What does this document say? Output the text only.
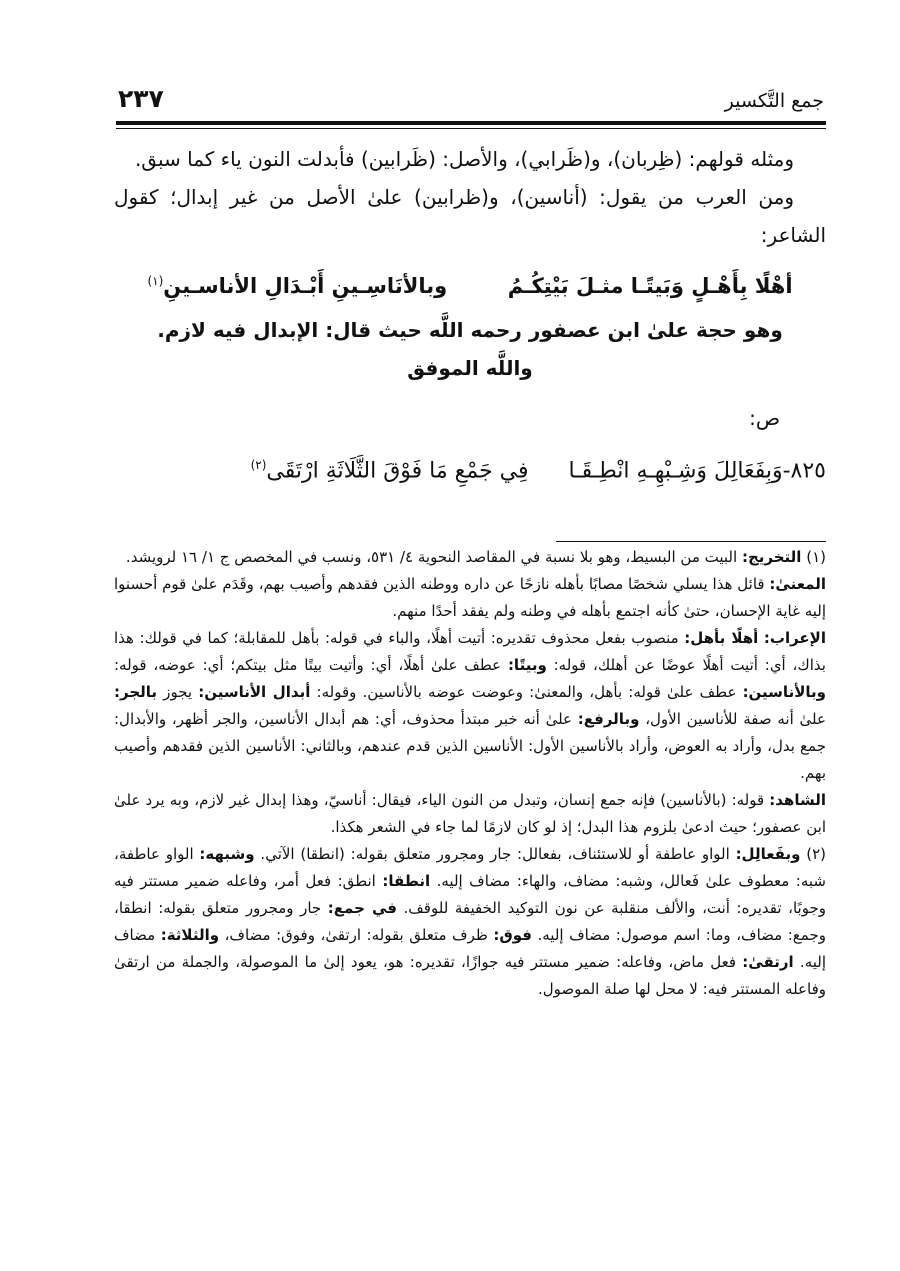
جمع التَّكسير
٢٣٧

ومثله قولهم: (ظِربان)، و(ظَرابي)، والأصل: (ظَرابين) فأبدلت النون ياء كما سبق.

ومن العرب من يقول: (أناسين)، و(ظرابين) علىٰ الأصل من غير إبدال؛ كقول الشاعر:

أهْلًا بِأَهْـلٍ وَبَيتًـا مثـلَ بَيْتِكُـمُ  وبالأنَاسِـينِ أَبْـدَالِ الأناسـينِ$^{(١)}$

وهو حجة علىٰ ابن عصفور رحمه اللَّه حيث قال: الإبدال فيه لازم.

واللَّه الموفق

ص:

٨٢٥-وَبِفَعَالِلَ وَشِـبْهِـهِ انْطِـقَـا  فِي جَمْعِ مَا فَوْقَ الثَّلَاثَةِ ارْتَقَى$^{(٢)}$

(١) التخريج: البيت من البسيط، وهو بلا نسبة في المقاصد النحوية ٤/ ٥٣١، ونسب في المخصص ج ١/ ١٦ لرويشد.

المعنىٰ: قائل هذا يسلي شخصًا مصابًا بأهله نازحًا عن داره ووطنه الذين فقدهم وأصيب بهم، وقَدَم علىٰ قوم أحسنوا إليه غاية الإحسان، حتىٰ كأنه اجتمع بأهله في وطنه ولم يفقد أحدًا منهم.

الإعراب: أهلًا بأهل: منصوب بفعل محذوف تقديره: أتيت أهلًا، والباء في قوله: بأهل للمقابلة؛ كما في قولك: هذا بذاك، أي: أتيت أهلًا عوضًا عن أهلك، قوله: وبيتًا: عطف علىٰ أهلًا، أي: وأتيت بيتًا مثل بيتكم؛ أي: عوضه، قوله: وبالأناسين: عطف علىٰ قوله: بأهل، والمعنىٰ: وعوضت عوضه بالأناسين. وقوله: أبدال الأناسين: يجوز بالجر: علىٰ أنه صفة للأناسين الأول، وبالرفع: علىٰ أنه خبر مبتدأ محذوف، أي: هم أبدال الأناسين، والجر أظهر، والأبدال: جمع بدل، وأراد به العوض، وأراد بالأناسين الأول: الأناسين الذين قدم عندهم، وبالثاني: الأناسين الذين فقدهم وأصيب بهم.

الشاهد: قوله: (بالأناسين) فإنه جمع إنسان، وتبدل من النون الياء، فيقال: أناسيّ، وهذا إبدال غير لازم، وبه يرد علىٰ ابن عصفور؛ حيث ادعىٰ بلزوم هذا البدل؛ إذ لو كان لازمًا لما جاء في الشعر هكذا.

(٢) وبفَعالِل: الواو عاطفة أو للاستئناف، بفعالل: جار ومجرور متعلق بقوله: (انطقا) الآتي. وشبهه: الواو عاطفة، شبه: معطوف علىٰ فَعالل، وشبه: مضاف، والهاء: مضاف إليه. انطقا: انطق: فعل أمر، وفاعله ضمير مستتر فيه وجوبًا، تقديره: أنت، والألف منقلبة عن نون التوكيد الخفيفة للوقف. في جمع: جار ومجرور متعلق بقوله: انطقا، وجمع: مضاف، وما: اسم موصول: مضاف إليه. فوق: ظرف متعلق بقوله: ارتقىٰ، وفوق: مضاف، والثلاثة: مضاف إليه. ارتقىٰ: فعل ماض، وفاعله: ضمير مستتر فيه جوازًا، تقديره: هو، يعود إلىٰ ما الموصولة، والجملة من ارتقىٰ وفاعله المستتر فيه: لا محل لها صلة الموصول.
